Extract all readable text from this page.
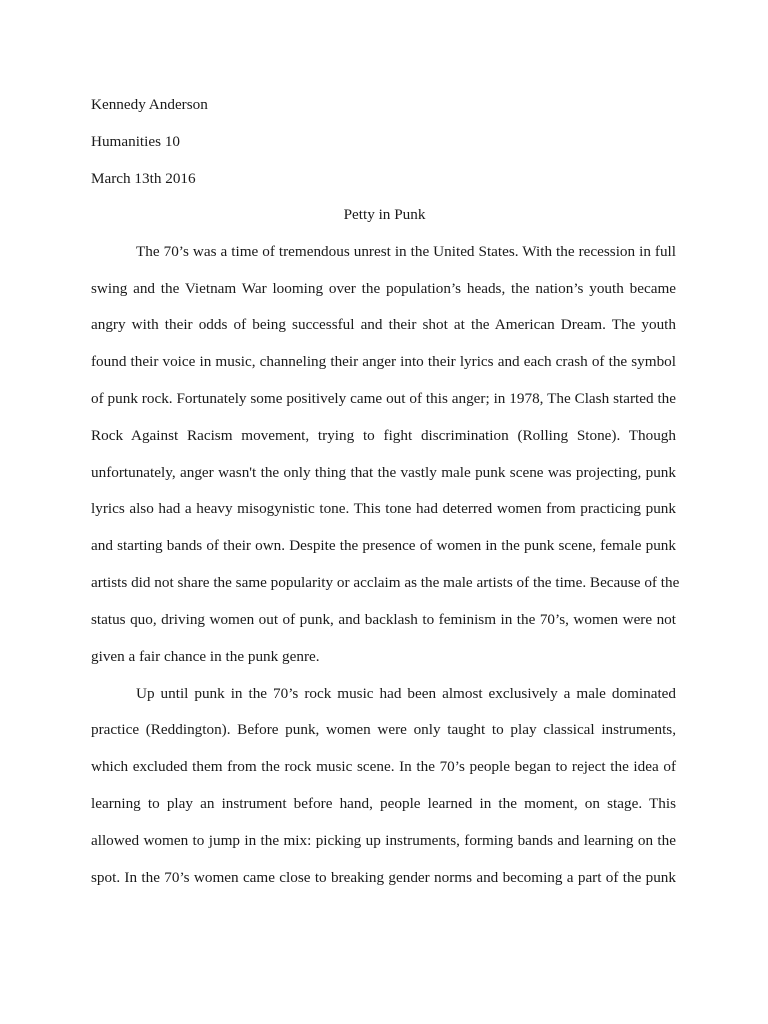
Kennedy Anderson
Humanities 10
March 13th 2016
Petty in Punk
The 70’s was a time of tremendous unrest in the United States. With the recession in full
swing and the Vietnam War looming over the population’s heads, the nation’s youth became
angry with their odds of being successful and their shot at the American Dream. The youth
found their voice in music, channeling their anger into their lyrics and each crash of the symbol
of punk rock. Fortunately some positively came out of this anger; in 1978, The Clash started the
Rock Against Racism movement, trying to fight discrimination (Rolling Stone). Though
unfortunately, anger wasn't the only thing that the vastly male punk scene was projecting, punk
lyrics also had a heavy misogynistic tone. This tone had deterred women from practicing punk
and starting bands of their own. Despite the presence of women in the punk scene, female punk
artists did not share the same popularity or acclaim as the male artists of the time. Because of the
status quo, driving women out of punk, and backlash to feminism in the 70’s, women were not
given a fair chance in the punk genre.
Up until punk in the 70’s rock music had been almost exclusively a male dominated
practice (Reddington). Before punk, women were only taught to play classical instruments,
which excluded them from the rock music scene. In the 70’s people began to reject the idea of
learning to play an instrument before hand, people learned in the moment, on stage. This
allowed women to jump in the mix: picking up instruments, forming bands and learning on the
spot. In the 70’s women came close to breaking gender norms and becoming a part of the punk
